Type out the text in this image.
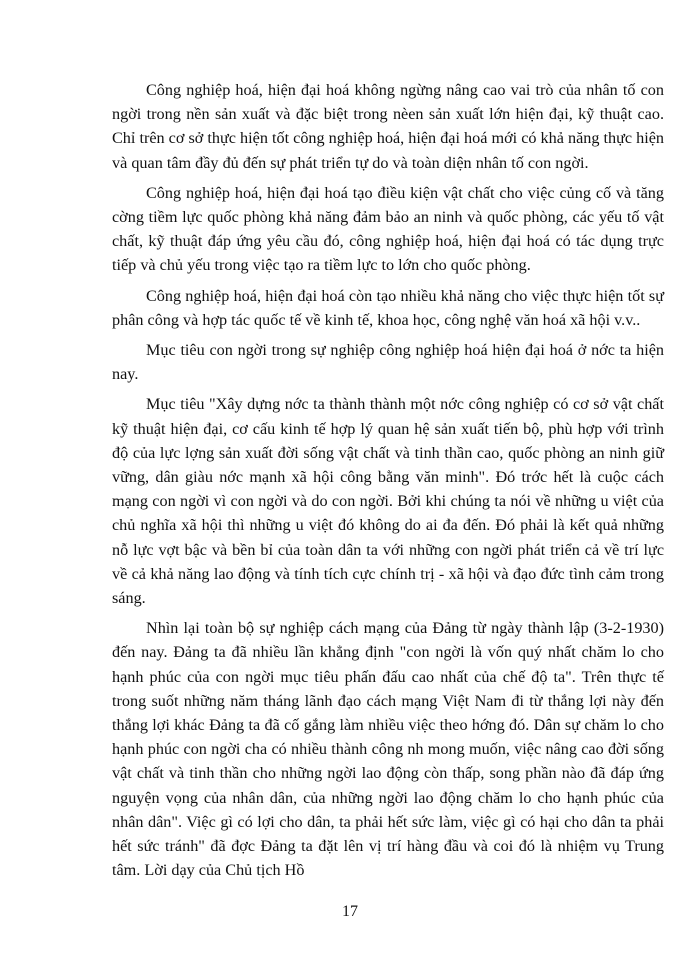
Công nghiệp hoá, hiện đại hoá không ngừng nâng cao vai trò của nhân tố con ngời trong nền sản xuất và đặc biệt trong nèen sản xuất lớn hiện đại, kỹ thuật cao. Chỉ trên cơ sở thực hiện tốt công nghiệp hoá, hiện đại hoá mới có khả năng thực hiện và quan tâm đầy đủ đến sự phát triển tự do và toàn diện nhân tố con ngời.

Công nghiệp hoá, hiện đại hoá tạo điều kiện vật chất cho việc củng cố và tăng cờng tiềm lực quốc phòng khả năng đảm bảo an ninh và quốc phòng, các yếu tố vật chất, kỹ thuật đáp ứng yêu cầu đó, công nghiệp hoá, hiện đại hoá có tác dụng trực tiếp và chủ yếu trong việc tạo ra tiềm lực to lớn cho quốc phòng.

Công nghiệp hoá, hiện đại hoá còn tạo nhiều khả năng cho việc thực hiện tốt sự phân công và hợp tác quốc tế về kinh tế, khoa học, công nghệ văn hoá xã hội v.v..

Mục tiêu con ngời trong sự nghiệp công nghiệp hoá hiện đại hoá ở nớc ta hiện nay.

Mục tiêu "Xây dựng nớc ta thành thành một nớc công nghiệp có cơ sở vật chất kỹ thuật hiện đại, cơ cấu kinh tế hợp lý quan hệ sản xuất tiến bộ, phù hợp với trình độ của lực lợng sản xuất đời sống vật chất và tinh thần cao, quốc phòng an ninh giữ vững, dân giàu nớc mạnh xã hội công bằng văn minh". Đó trớc hết là cuộc cách mạng con ngời vì con ngời và do con ngời. Bởi khi chúng ta nói về những u việt của chủ nghĩa xã hội thì những u việt đó không do ai đa đến. Đó phải là kết quả những nỗ lực vợt bậc và bền bỉ của toàn dân ta với những con ngời phát triển cả về trí lực về cả khả năng lao động và tính tích cực chính trị - xã hội và đạo đức tình cảm trong sáng.

Nhìn lại toàn bộ sự nghiệp cách mạng của Đảng từ ngày thành lập (3-2-1930) đến nay. Đảng ta đã nhiều lần khẳng định "con ngời là vốn quý nhất chăm lo cho hạnh phúc của con ngời mục tiêu phấn đấu cao nhất của chế độ ta". Trên thực tế trong suốt những năm tháng lãnh đạo cách mạng Việt Nam đi từ thắng lợi này đến thắng lợi khác Đảng ta đã cố gắng làm nhiều việc theo hớng đó. Dân sự chăm lo cho hạnh phúc con ngời cha có nhiều thành công nh mong muốn, việc nâng cao đời sống vật chất và tinh thần cho những ngời lao động còn thấp, song phần nào đã đáp ứng nguyện vọng của nhân dân, của những ngời lao động chăm lo cho hạnh phúc của nhân dân". Việc gì có lợi cho dân, ta phải hết sức làm, việc gì có hại cho dân ta phải hết sức tránh" đã đợc Đảng ta đặt lên vị trí hàng đầu và coi đó là nhiệm vụ Trung tâm. Lời dạy của Chủ tịch Hồ

17
